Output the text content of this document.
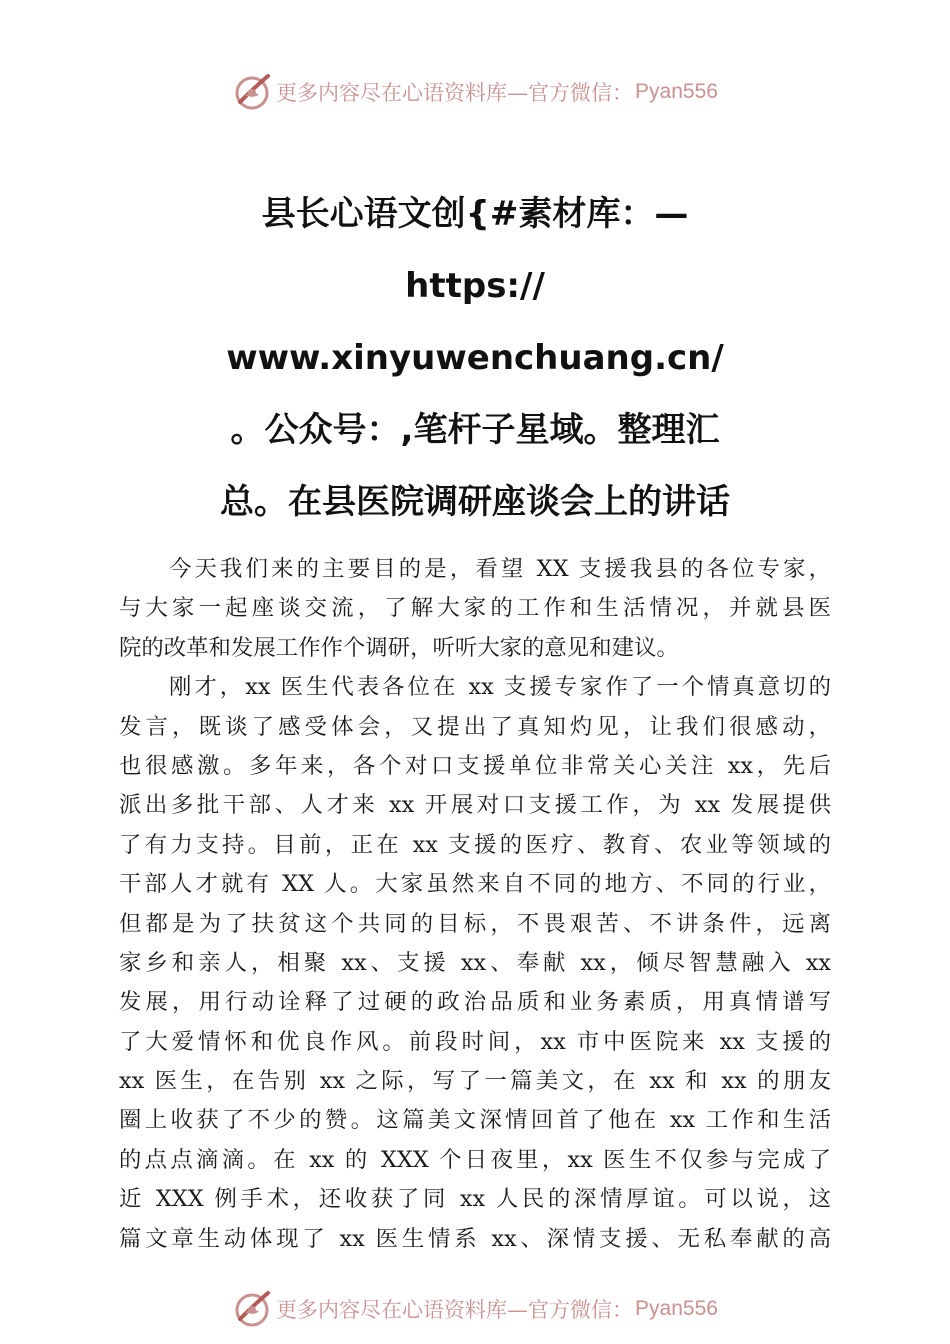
更多内容尽在心语资料库—官方微信： Pyan556
县长心语文创{#素材库：—
https://
www.xinyuwenchuang.cn/
。公众号：,笔杆子星域。整理汇
总。在县医院调研座谈会上的讲话
今天我们来的主要目的是，看望 XX 支援我县的各位专家，
与大家一起座谈交流，了解大家的工作和生活情况，并就县医
院的改革和发展工作作个调研，听听大家的意见和建议。
刚才，xx 医生代表各位在 xx 支援专家作了一个情真意切的
发言，既谈了感受体会，又提出了真知灼见，让我们很感动，
也很感激。多年来，各个对口支援单位非常关心关注 xx，先后
派出多批干部、人才来 xx 开展对口支援工作，为 xx 发展提供
了有力支持。目前，正在 xx 支援的医疗、教育、农业等领域的
干部人才就有 XX 人。大家虽然来自不同的地方、不同的行业，
但都是为了扶贫这个共同的目标，不畏艰苦、不讲条件，远离
家乡和亲人，相聚 xx、支援 xx、奉献 xx，倾尽智慧融入 xx
发展，用行动诠释了过硬的政治品质和业务素质，用真情谱写
了大爱情怀和优良作风。前段时间，xx 市中医院来 xx 支援的
xx 医生，在告别 xx 之际，写了一篇美文，在 xx 和 xx 的朋友
圈上收获了不少的赞。这篇美文深情回首了他在 xx 工作和生活
的点点滴滴。在 xx 的 XXX 个日夜里，xx 医生不仅参与完成了
近 XXX 例手术，还收获了同 xx 人民的深情厚谊。可以说，这
篇文章生动体现了 xx 医生情系 xx、深情支援、无私奉献的高
更多内容尽在心语资料库—官方微信： Pyan556
